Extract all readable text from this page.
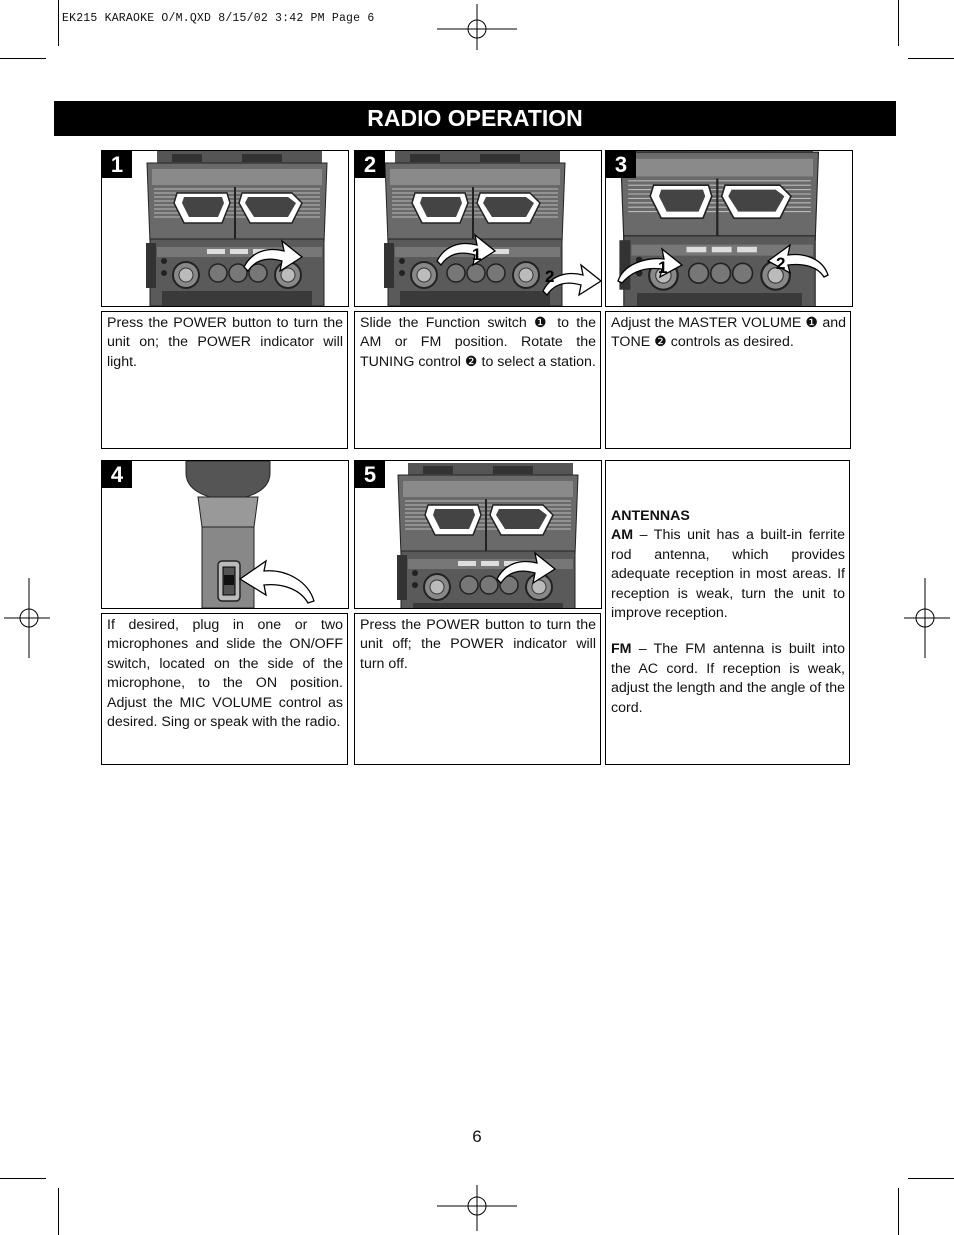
EK215 KARAOKE O/M.QXD 8/15/02 3:42 PM Page 6
RADIO OPERATION
1	2
1
2
3
1	2
Press the POWER button to turn the unit on; the POWER indicator will light.
Slide the Function switch ❶ to the AM or FM position. Rotate the TUNING control ❷ to select a station.
Adjust the MASTER VOLUME ❶ and TONE ❷ controls as desired.
4	5
ANTENNAS

AM – This unit has a built-in ferrite rod antenna, which provides adequate reception in most areas. If reception is weak, turn the unit to improve reception.

FM – The FM antenna is built into the AC cord. If reception is weak, adjust the length and the angle of the cord.

If desired, plug in one or two microphones and slide the ON/OFF switch, located on the side of the microphone, to the ON position. Adjust the MIC VOLUME control as desired. Sing or speak with the radio.
Press the POWER button to turn the unit off; the POWER indicator will turn off.
6
